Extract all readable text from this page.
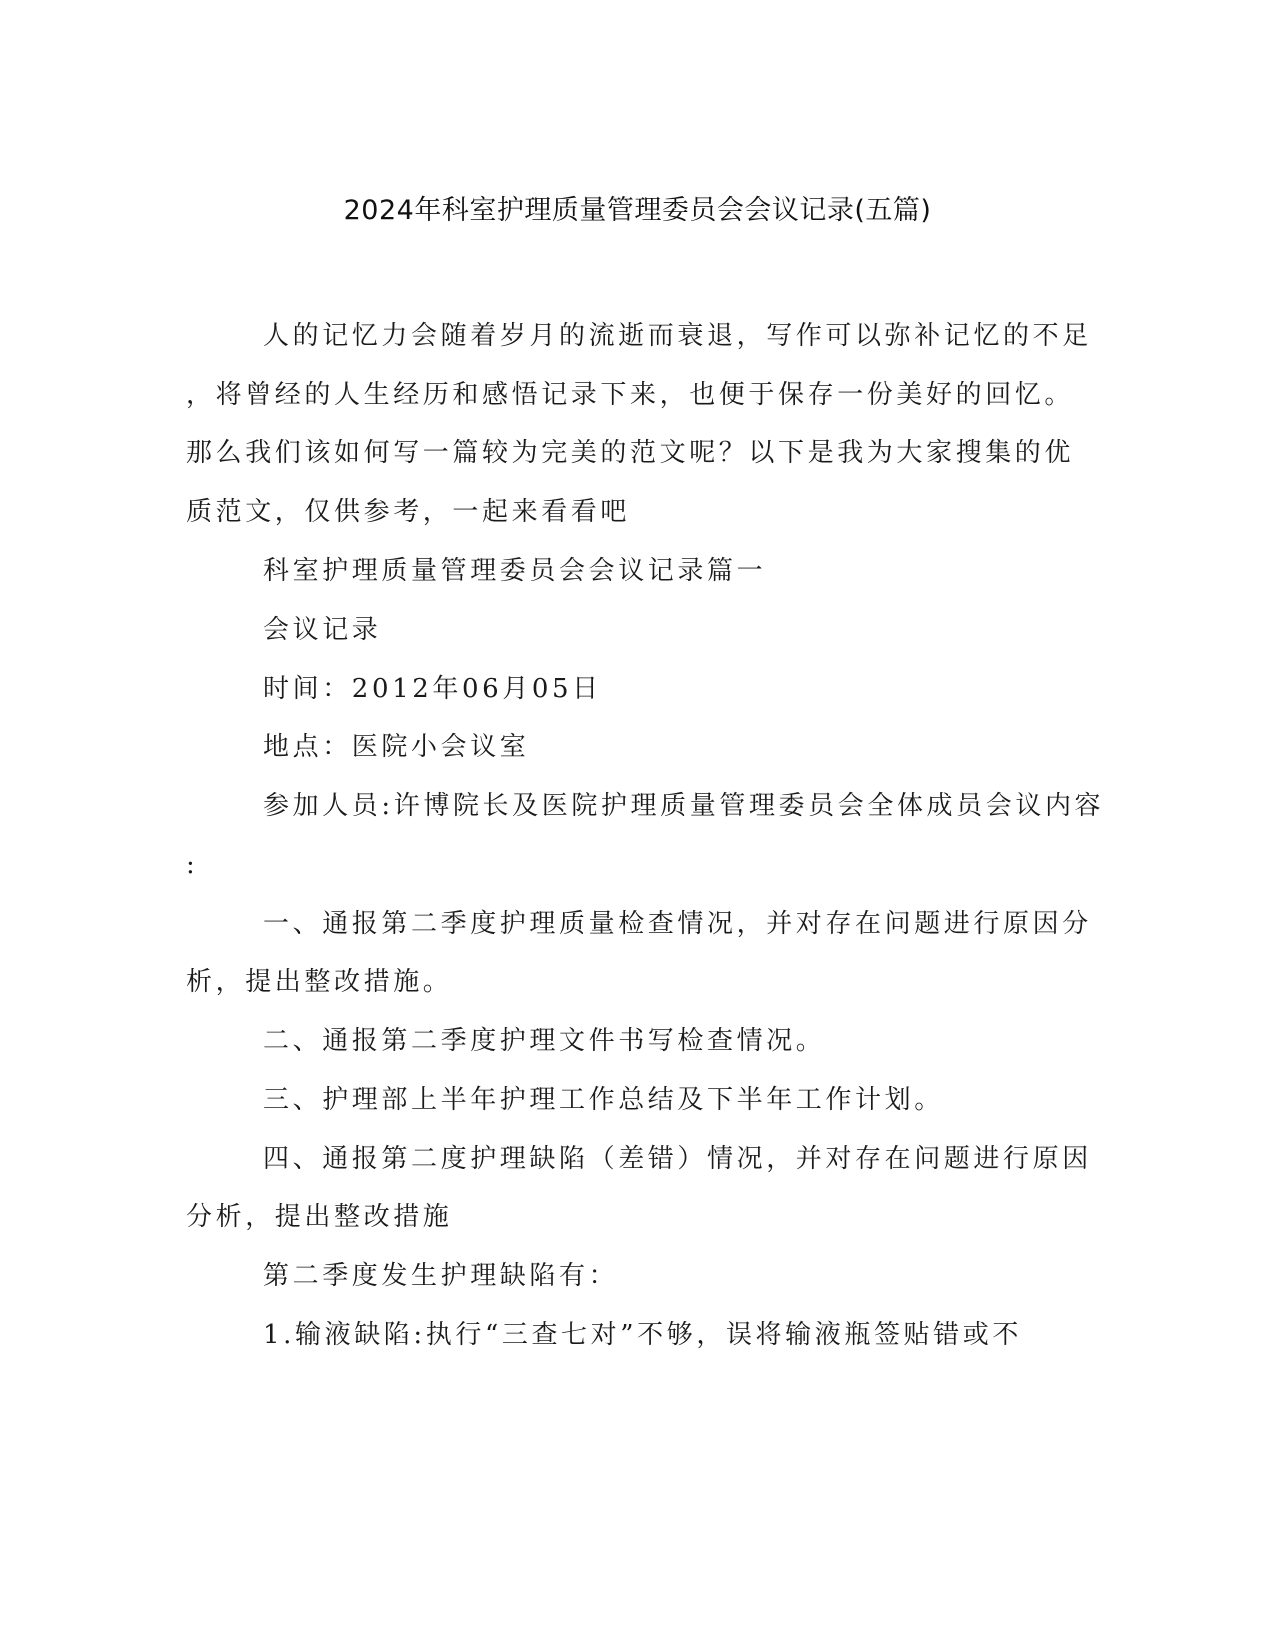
2024年科室护理质量管理委员会会议记录(五篇)
人的记忆力会随着岁月的流逝而衰退，写作可以弥补记忆的不足
，将曾经的人生经历和感悟记录下来，也便于保存一份美好的回忆。
那么我们该如何写一篇较为完美的范文呢？以下是我为大家搜集的优
质范文，仅供参考，一起来看看吧
科室护理质量管理委员会会议记录篇一
会议记录
时间：2012年06月05日
地点：医院小会议室
参加人员:许博院长及医院护理质量管理委员会全体成员会议内容
:
一、通报第二季度护理质量检查情况，并对存在问题进行原因分
析，提出整改措施。
二、通报第二季度护理文件书写检查情况。
三、护理部上半年护理工作总结及下半年工作计划。
四、通报第二度护理缺陷（差错）情况，并对存在问题进行原因
分析，提出整改措施
第二季度发生护理缺陷有：
1.输液缺陷:执行“三查七对”不够，误将输液瓶签贴错或不
